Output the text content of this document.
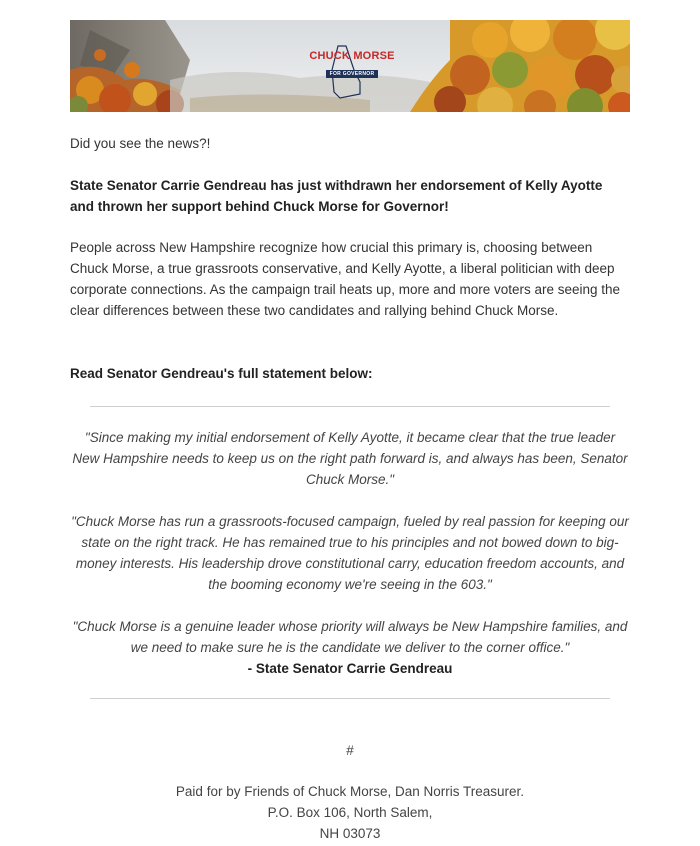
CHUCK MORSE
FOR GOVERNOR

Did you see the news?!

State Senator Carrie Gendreau has just withdrawn her endorsement of Kelly Ayotte and thrown her support behind Chuck Morse for Governor!

People across New Hampshire recognize how crucial this primary is, choosing between Chuck Morse, a true grassroots conservative, and Kelly Ayotte, a liberal politician with deep corporate connections. As the campaign trail heats up, more and more voters are seeing the clear differences between these two candidates and rallying behind Chuck Morse.

Read Senator Gendreau's full statement below:

"Since making my initial endorsement of Kelly Ayotte, it became clear that the true leader New Hampshire needs to keep us on the right path forward is, and always has been, Senator Chuck Morse."

"Chuck Morse has run a grassroots-focused campaign, fueled by real passion for keeping our state on the right track. He has remained true to his principles and not bowed down to big-money interests. His leadership drove constitutional carry, education freedom accounts, and the booming economy we're seeing in the 603."

"Chuck Morse is a genuine leader whose priority will always be New Hampshire families, and we need to make sure he is the candidate we deliver to the corner office."

- State Senator Carrie Gendreau

#

Paid for by Friends of Chuck Morse, Dan Norris Treasurer.

P.O. Box 106, North Salem,

NH 03073
